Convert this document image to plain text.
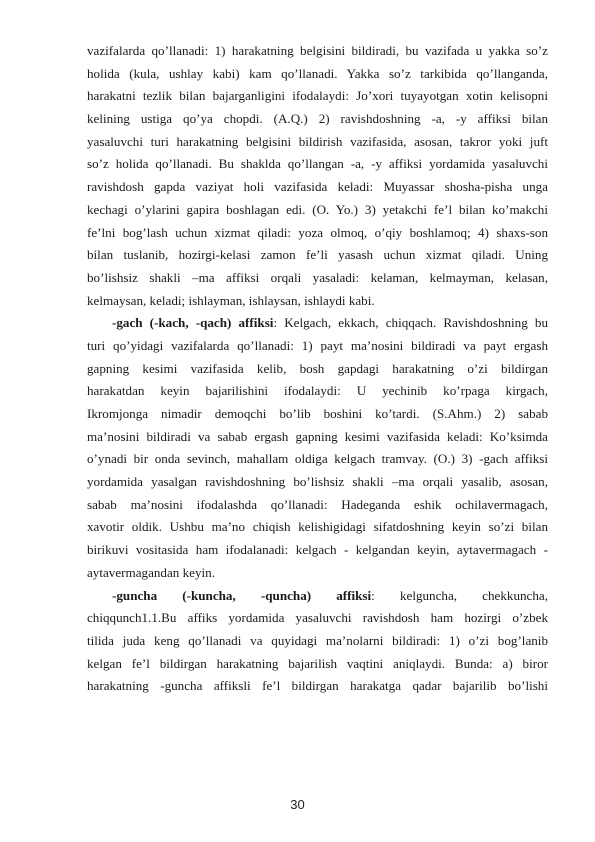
vazifalarda qo’llanadi: 1) harakatning belgisini bildiradi, bu vazifada u yakka so’z
holida (kula, ushlay kabi) kam qo’llanadi. Yakka so’z tarkibida qo’llanganda,
harakatni tezlik bilan bajarganligini ifodalaydi: Jo’xori tuyayotgan xotin kelisopni
kelining ustiga qo’ya chopdi. (A.Q.) 2) ravishdoshning -a, -y affiksi bilan
yasaluvchi turi harakatning belgisini bildirish vazifasida, asosan, takror yoki juft
so’z holida qo’llanadi. Bu shaklda qo’llangan -a, -y affiksi yordamida yasaluvchi
ravishdosh gapda vaziyat holi vazifasida keladi: Muyassar shosha-pisha unga
kechagi o’ylarini gapira boshlagan edi. (O. Yo.) 3) yetakchi fe’l bilan ko’makchi
fe’lni bog’lash uchun xizmat qiladi: yoza olmoq, o’qiy boshlamoq; 4) shaxs-son
bilan tuslanib, hozirgi-kelasi zamon fe’li yasash uchun xizmat qiladi. Uning
bo’lishsiz shakli –ma affiksi orqali yasaladi: kelaman, kelmayman, kelasan,
kelmaysan, keladi; ishlayman, ishlaysan, ishlaydi kabi.
-gach (-kach, -qach) affiksi: Kelgach, ekkach, chiqqach. Ravishdoshning bu
turi qo’yidagi vazifalarda qo’llanadi: 1) payt ma’nosini bildiradi va payt ergash
gapning kesimi vazifasida kelib, bosh gapdagi harakatning o’zi bildirgan
harakatdan keyin bajarilishini ifodalaydi: U yechinib ko’rpaga kirgach,
Ikromjonga nimadir demoqchi bo’lib boshini ko’tardi. (S.Ahm.) 2) sabab
ma’nosini bildiradi va sabab ergash gapning kesimi vazifasida keladi: Ko’ksimda
o’ynadi bir onda sevinch, mahallam oldiga kelgach tramvay. (O.) 3) -gach affiksi
yordamida yasalgan ravishdoshning bo’lishsiz shakli –ma orqali yasalib, asosan,
sabab ma’nosini ifodalashda qo’llanadi: Hadeganda eshik ochilavermagach,
xavotir oldik. Ushbu ma’no chiqish kelishigidagi sifatdoshning keyin so’zi bilan
birikuvi vositasida ham ifodalanadi: kelgach - kelgandan keyin, aytavermagach -
aytavermagandan keyin.
-guncha (-kuncha, -quncha) affiksi: kelguncha, chekkuncha,
chiqqunch1.1.Bu affiks yordamida yasaluvchi ravishdosh ham hozirgi o’zbek
tilida juda keng qo’llanadi va quyidagi ma’nolarni bildiradi: 1) o’zi bog’lanib
kelgan fe’l bildirgan harakatning bajarilish vaqtini aniqlaydi. Bunda: a) biror
harakatning -guncha affiksli fe’l bildirgan harakatga qadar bajarilib bo’lishi
30
